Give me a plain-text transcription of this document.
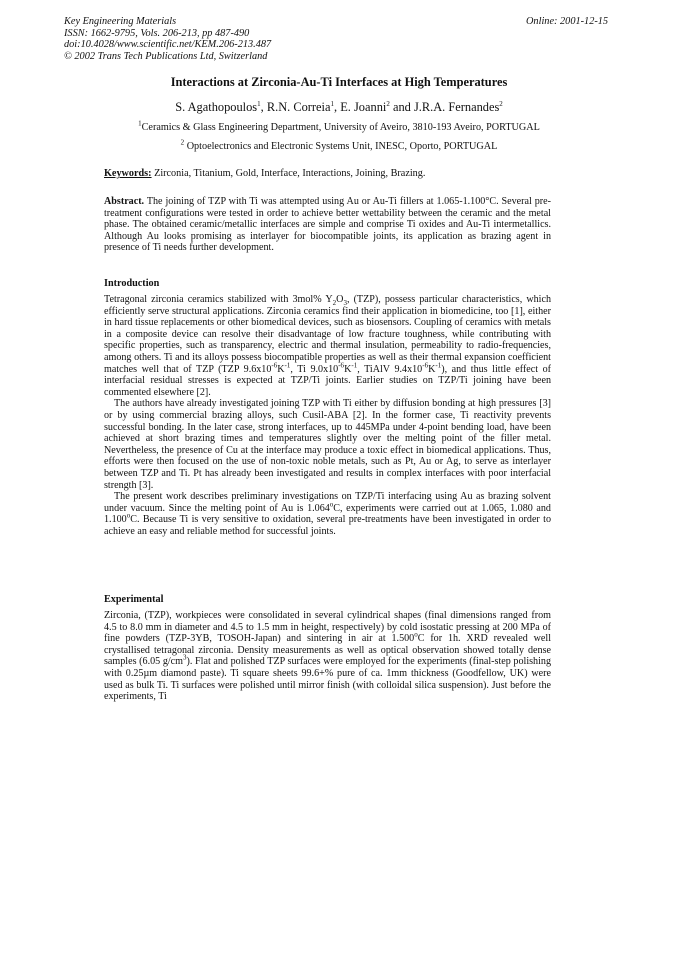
Key Engineering Materials
ISSN: 1662-9795, Vols. 206-213, pp 487-490
doi:10.4028/www.scientific.net/KEM.206-213.487
© 2002 Trans Tech Publications Ltd, Switzerland
Online: 2001-12-15
Interactions at Zirconia-Au-Ti Interfaces at High Temperatures
S. Agathopoulos$^1$, R.N. Correia$^1$, E. Joanni$^2$ and J.R.A. Fernandes$^2$
$^1$Ceramics & Glass Engineering Department, University of Aveiro, 3810-193 Aveiro, PORTUGAL
$^2$ Optoelectronics and Electronic Systems Unit, INESC, Oporto, PORTUGAL
Keywords: Zirconia, Titanium, Gold, Interface, Interactions, Joining, Brazing.

Abstract. The joining of TZP with Ti was attempted using Au or Au-Ti fillers at 1.065-1.100°C. Several pre-treatment configurations were tested in order to achieve better wettability between the ceramic and the metal phase. The obtained ceramic/metallic interfaces are simple and comprise Ti oxides and Au-Ti intermetallics. Although Au looks promising as interlayer for biocompatible joints, its application as brazing agent in presence of Ti needs further development.

Introduction

Tetragonal zirconia ceramics stabilized with 3mol% $Y_2O_3$, (TZP), possess particular characteristics, which efficiently serve structural applications. Zirconia ceramics find their application in biomedicine, too [1], either in hard tissue replacements or other biomedical devices, such as biosensors. Coupling of ceramics with metals in a composite device can resolve their disadvantage of low fracture toughness, while contributing with specific properties, such as transparency, electric and thermal insulation, permeability to radio-frequencies, among others. Ti and its alloys possess biocompatible properties as well as their thermal expansion coefficient matches well that of TZP (TZP $9.6x10^{-6}K^{-1}$, Ti $9.0x10^{-6}K^{-1}$, TiAlV $9.4x10^{-6}K^{-1}$), and thus little effect of interfacial residual stresses is expected at TZP/Ti joints. Earlier studies on TZP/Ti joining have been commented elsewhere [2].

The authors have already investigated joining TZP with Ti either by diffusion bonding at high pressures [3] or by using commercial brazing alloys, such Cusil-ABA [2]. In the former case, Ti reactivity prevents successful bonding. In the later case, strong interfaces, up to 445MPa under 4-point bending load, have been achieved at short brazing times and temperatures slightly over the melting point of the filler metal. Nevertheless, the presence of Cu at the interface may produce a toxic effect in biomedical applications. Thus, efforts were then focused on the use of non-toxic noble metals, such as Pt, Au or Ag, to serve as interlayer between TZP and Ti. Pt has already been investigated and results in complex interfaces with poor interfacial strength [3].

The present work describes preliminary investigations on TZP/Ti interfacing using Au as brazing solvent under vacuum. Since the melting point of Au is 1.064$^o$C, experiments were carried out at 1.065, 1.080 and 1.100$^o$C. Because Ti is very sensitive to oxidation, several pre-treatments have been investigated in order to achieve an easy and reliable method for successful joints.

Experimental

Zirconia, (TZP), workpieces were consolidated in several cylindrical shapes (final dimensions ranged from 4.5 to 8.0 mm in diameter and 4.5 to 1.5 mm in height, respectively) by cold isostatic pressing at 200 MPa of fine powders (TZP-3YB, TOSOH-Japan) and sintering in air at 1.500$^o$C for 1h. XRD revealed well crystallised tetragonal zirconia. Density measurements as well as optical observation showed totally dense samples (6.05 $g/cm^3$). Flat and polished TZP surfaces were employed for the experiments (final-step polishing with 0.25µm diamond paste). Ti square sheets 99.6+% pure of ca. 1mm thickness (Goodfellow, UK) were used as bulk Ti. Ti surfaces were polished until mirror finish (with colloidal silica suspension). Just before the experiments, Ti
